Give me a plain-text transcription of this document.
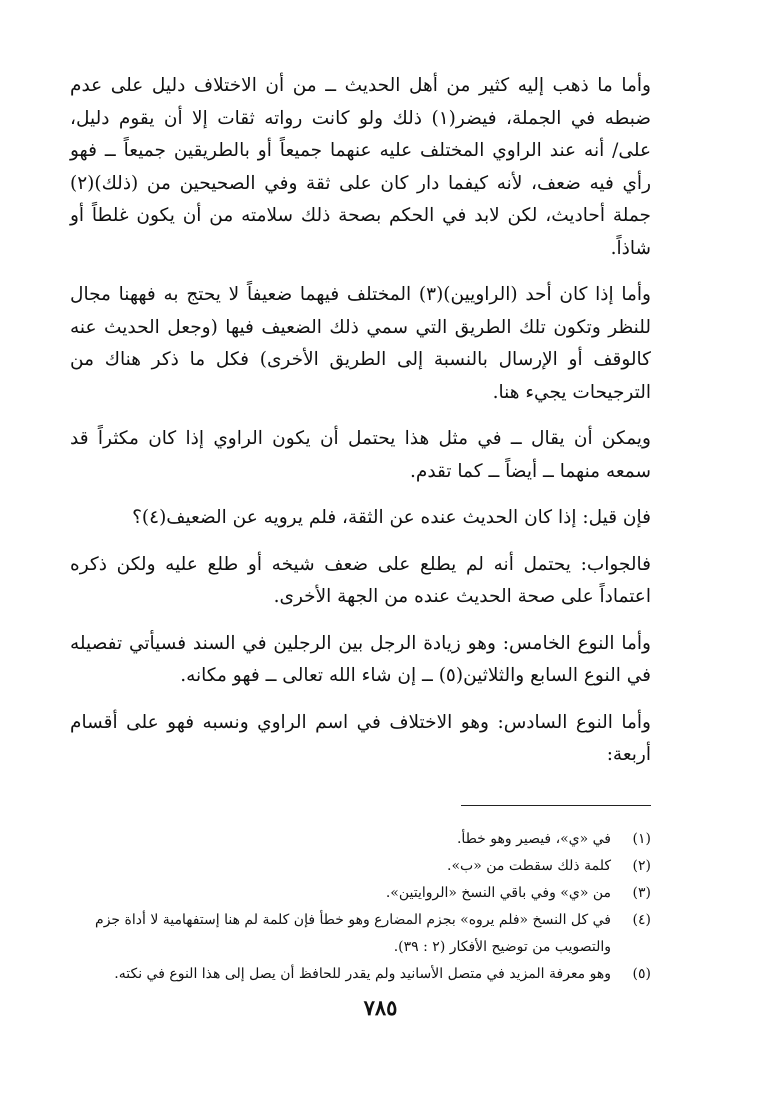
وأما ما ذهب إليه كثير من أهل الحديث ــ من أن الاختلاف دليل على عدم ضبطه في الجملة، فيضر(١) ذلك ولو كانت رواته ثقات إلا أن يقوم دليل، على/ أنه عند الراوي المختلف عليه عنهما جميعاً أو بالطريقين جميعاً ــ فهو رأي فيه ضعف، لأنه كيفما دار كان على ثقة وفي الصحيحين من (ذلك)(٢) جملة أحاديث، لكن لابد في الحكم بصحة ذلك سلامته من أن يكون غلطاً أو شاذاً.

وأما إذا كان أحد (الراويين)(٣) المختلف فيهما ضعيفاً لا يحتج به فههنا مجال للنظر وتكون تلك الطريق التي سمي ذلك الضعيف فيها (وجعل الحديث عنه كالوقف أو الإرسال بالنسبة إلى الطريق الأخرى) فكل ما ذكر هناك من الترجيحات يجيء هنا.

ويمكن أن يقال ــ في مثل هذا يحتمل أن يكون الراوي إذا كان مكثراً قد سمعه منهما ــ أيضاً ــ كما تقدم.

فإن قيل: إذا كان الحديث عنده عن الثقة، فلم يرويه عن الضعيف(٤)؟

فالجواب: يحتمل أنه لم يطلع على ضعف شيخه أو طلع عليه ولكن ذكره اعتماداً على صحة الحديث عنده من الجهة الأخرى.

وأما النوع الخامس: وهو زيادة الرجل بين الرجلين في السند فسيأتي تفصيله في النوع السابع والثلاثين(٥) ــ إن شاء الله تعالى ــ فهو مكانه.

وأما النوع السادس: وهو الاختلاف في اسم الراوي ونسبه فهو على أقسام أربعة:

(١)
في «ي»، فيصير وهو خطأ.
(٢)
كلمة ذلك سقطت من «ب».
(٣)
من «ي» وفي باقي النسخ «الروايتين».
(٤)
في كل النسخ «فلم يروه» بجزم المضارع وهو خطأ فإن كلمة لم هنا إستفهامية لا أداة جزم والتصويب من توضيح الأفكار (٢ : ٣٩).
(٥)
وهو معرفة المزيد في متصل الأسانيد ولم يقدر للحافظ أن يصل إلى هذا النوع في نكته.
٧٨٥
